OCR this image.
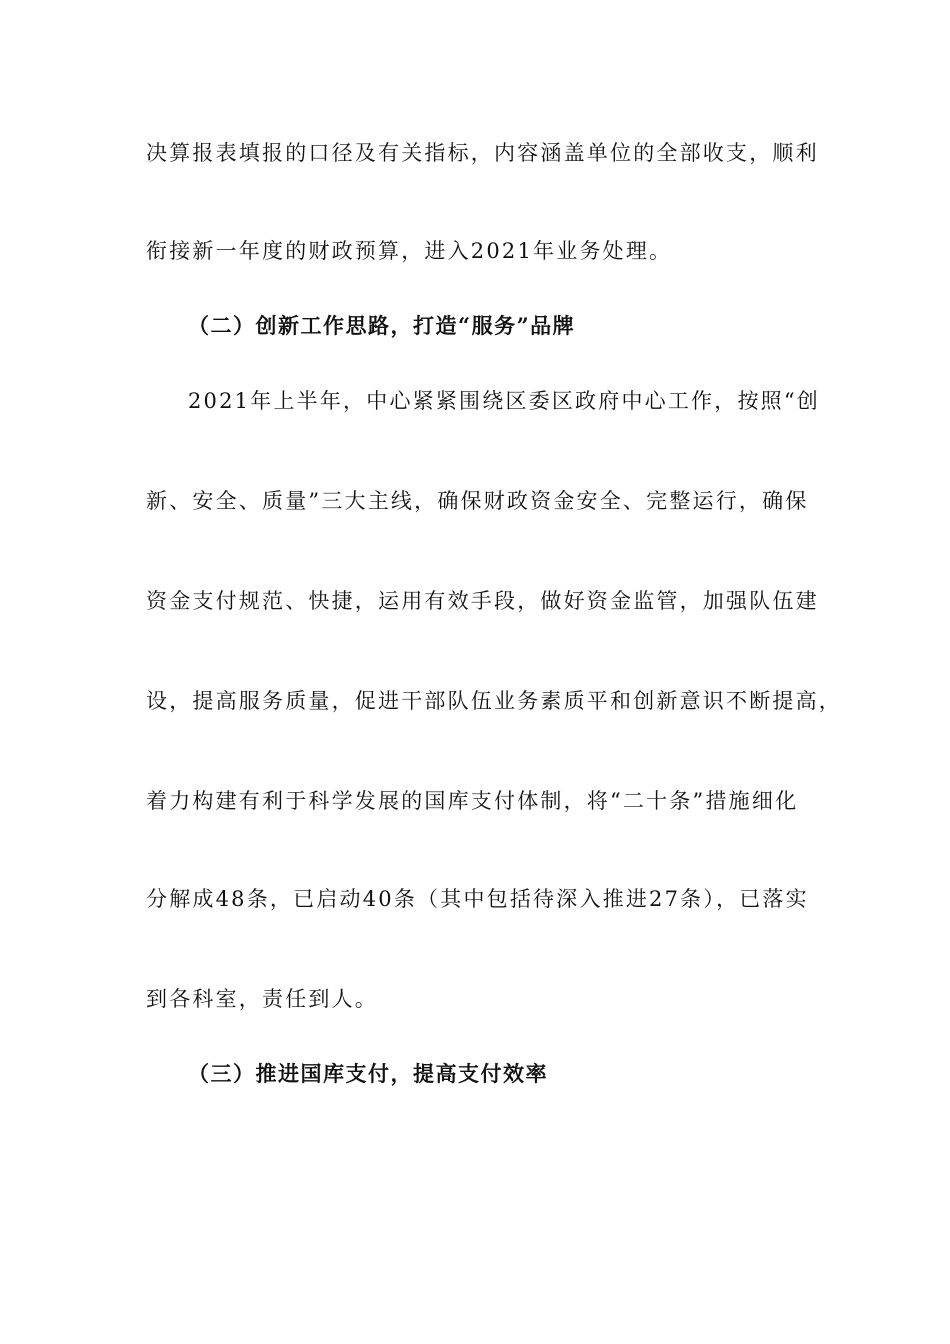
决算报表填报的口径及有关指标，内容涵盖单位的全部收支，顺利
衔接新一年度的财政预算，进入2021年业务处理。
（二）创新工作思路，打造“服务”品牌
2021年上半年，中心紧紧围绕区委区政府中心工作，按照“创
新、安全、质量”三大主线，确保财政资金安全、完整运行，确保
资金支付规范、快捷，运用有效手段，做好资金监管，加强队伍建
设，提高服务质量，促进干部队伍业务素质平和创新意识不断提高，
着力构建有利于科学发展的国库支付体制，将“二十条”措施细化
分解成48条，已启动40条（其中包括待深入推进27条），已落实
到各科室，责任到人。
（三）推进国库支付，提高支付效率
